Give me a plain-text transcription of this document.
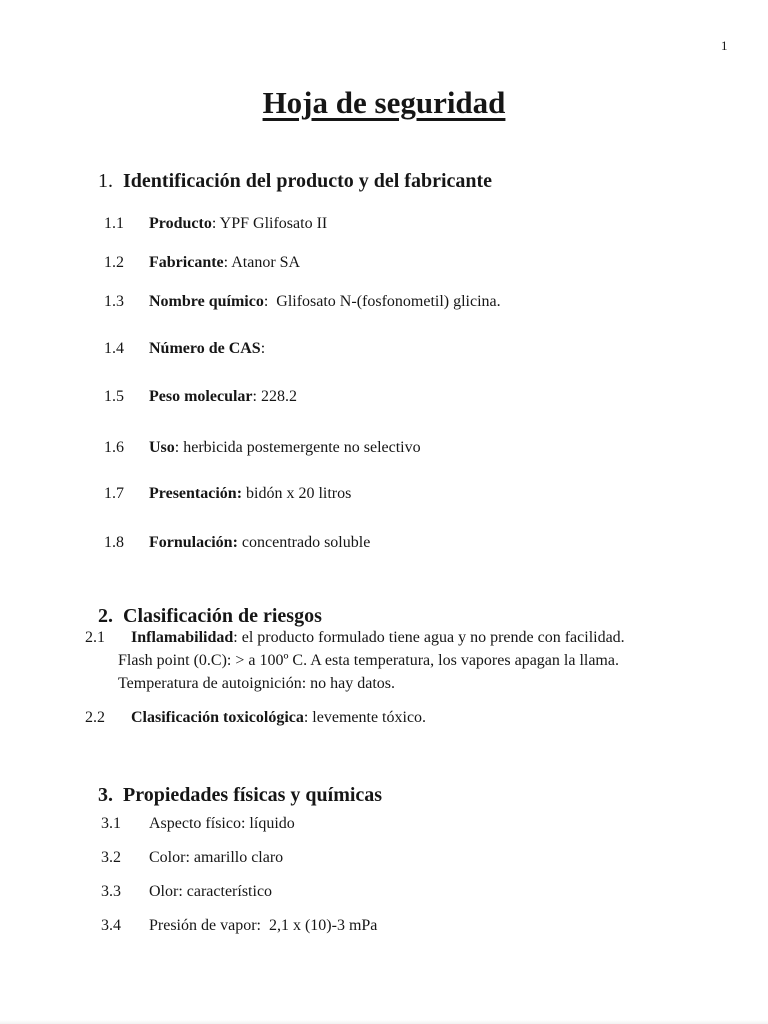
1
Hoja de seguridad

1. Identificación del producto y del fabricante

1.1 Producto: YPF Glifosato II

1.2 Fabricante: Atanor SA

1.3 Nombre químico:  Glifosato N-(fosfonometil) glicina.

1.4 Número de CAS:

1.5 Peso molecular: 228.2

1.6 Uso: herbicida postemergente no selectivo

1.7 Presentación: bidón x 20 litros

1.8 Fornulación: concentrado soluble

2. Clasificación de riesgos

2.1	Inflamabilidad: el producto formulado tiene agua y no prende con facilidad.
Flash point (0.C): > a 100º C. A esta temperatura, los vapores apagan la llama.
Temperatura de autoignición: no hay datos.
2.2	Clasificación toxicológica: levemente tóxico.

3. Propiedades físicas y químicas

3.1 Aspecto físico: líquido

3.2 Color: amarillo claro

3.3 Olor: característico

3.4 Presión de vapor:  2,1 x (10)-3 mPa
